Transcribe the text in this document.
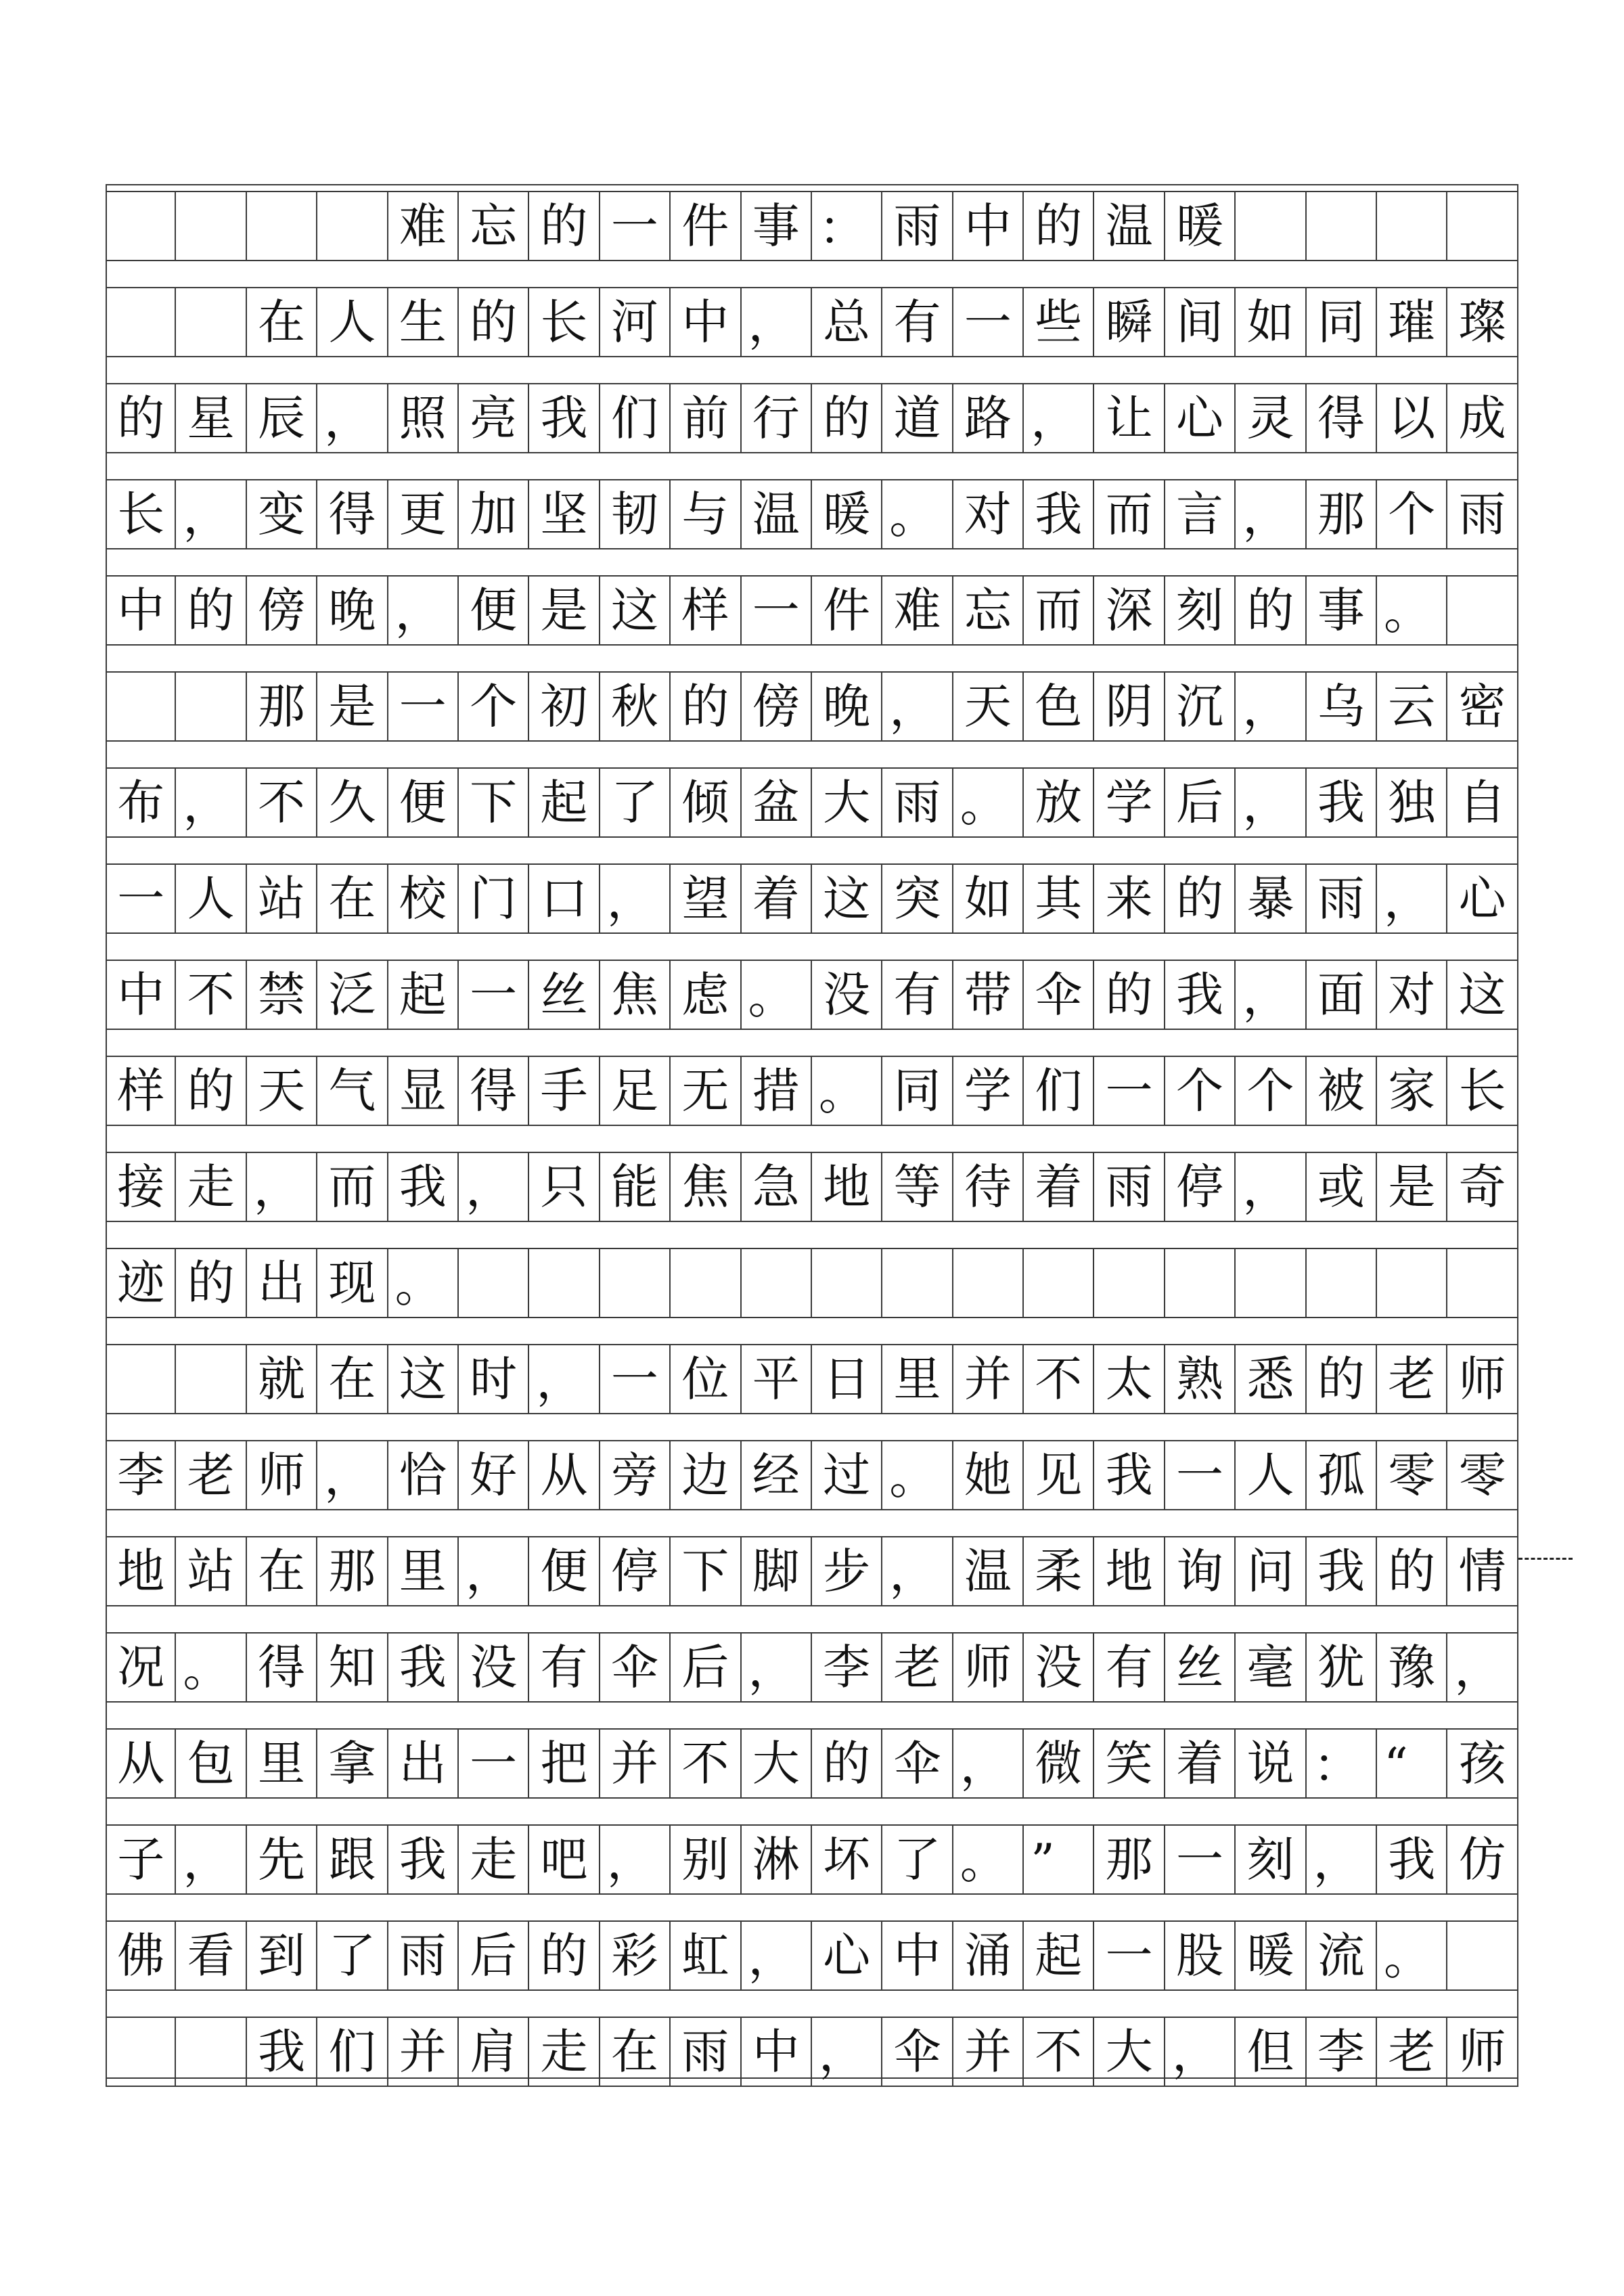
难 忘 的 一 件 事 ： 雨 中 的 温 暖
在 人 生 的 长 河 中 ， 总 有 一 些 瞬 间 如 同 璀 璨
的 星 辰 ， 照 亮 我 们 前 行 的 道 路 ， 让 心 灵 得 以 成
长 ， 变 得 更 加 坚 韧 与 温 暖 。 对 我 而 言 ， 那 个 雨
中 的 傍 晚 ， 便 是 这 样 一 件 难 忘 而 深 刻 的 事 。
那 是 一 个 初 秋 的 傍 晚 ， 天 色 阴 沉 ， 乌 云 密
布 ， 不 久 便 下 起 了 倾 盆 大 雨 。 放 学 后 ， 我 独 自
一 人 站 在 校 门 口 ， 望 着 这 突 如 其 来 的 暴 雨 ， 心
中 不 禁 泛 起 一 丝 焦 虑 。 没 有 带 伞 的 我 ， 面 对 这
样 的 天 气 显 得 手 足 无 措 。 同 学 们 一 个 个 被 家 长
接 走 ， 而 我 ， 只 能 焦 急 地 等 待 着 雨 停 ， 或 是 奇
迹 的 出 现 。
就 在 这 时 ， 一 位 平 日 里 并 不 太 熟 悉 的 老 师
李 老 师 ， 恰 好 从 旁 边 经 过 。 她 见 我 一 人 孤 零 零
地 站 在 那 里 ， 便 停 下 脚 步 ， 温 柔 地 询 问 我 的 情
况 。 得 知 我 没 有 伞 后 ， 李 老 师 没 有 丝 毫 犹 豫 ，
从 包 里 拿 出 一 把 并 不 大 的 伞 ， 微 笑 着 说 ： “	孩
子 ， 先 跟 我 走 吧 ， 别 淋 坏 了 。 ”	那 一 刻 ， 我 仿
佛 看 到 了 雨 后 的 彩 虹 ， 心 中 涌 起 一 股 暖 流 。
我 们 并 肩 走 在 雨 中 ， 伞 并 不 大 ， 但 李 老 师
